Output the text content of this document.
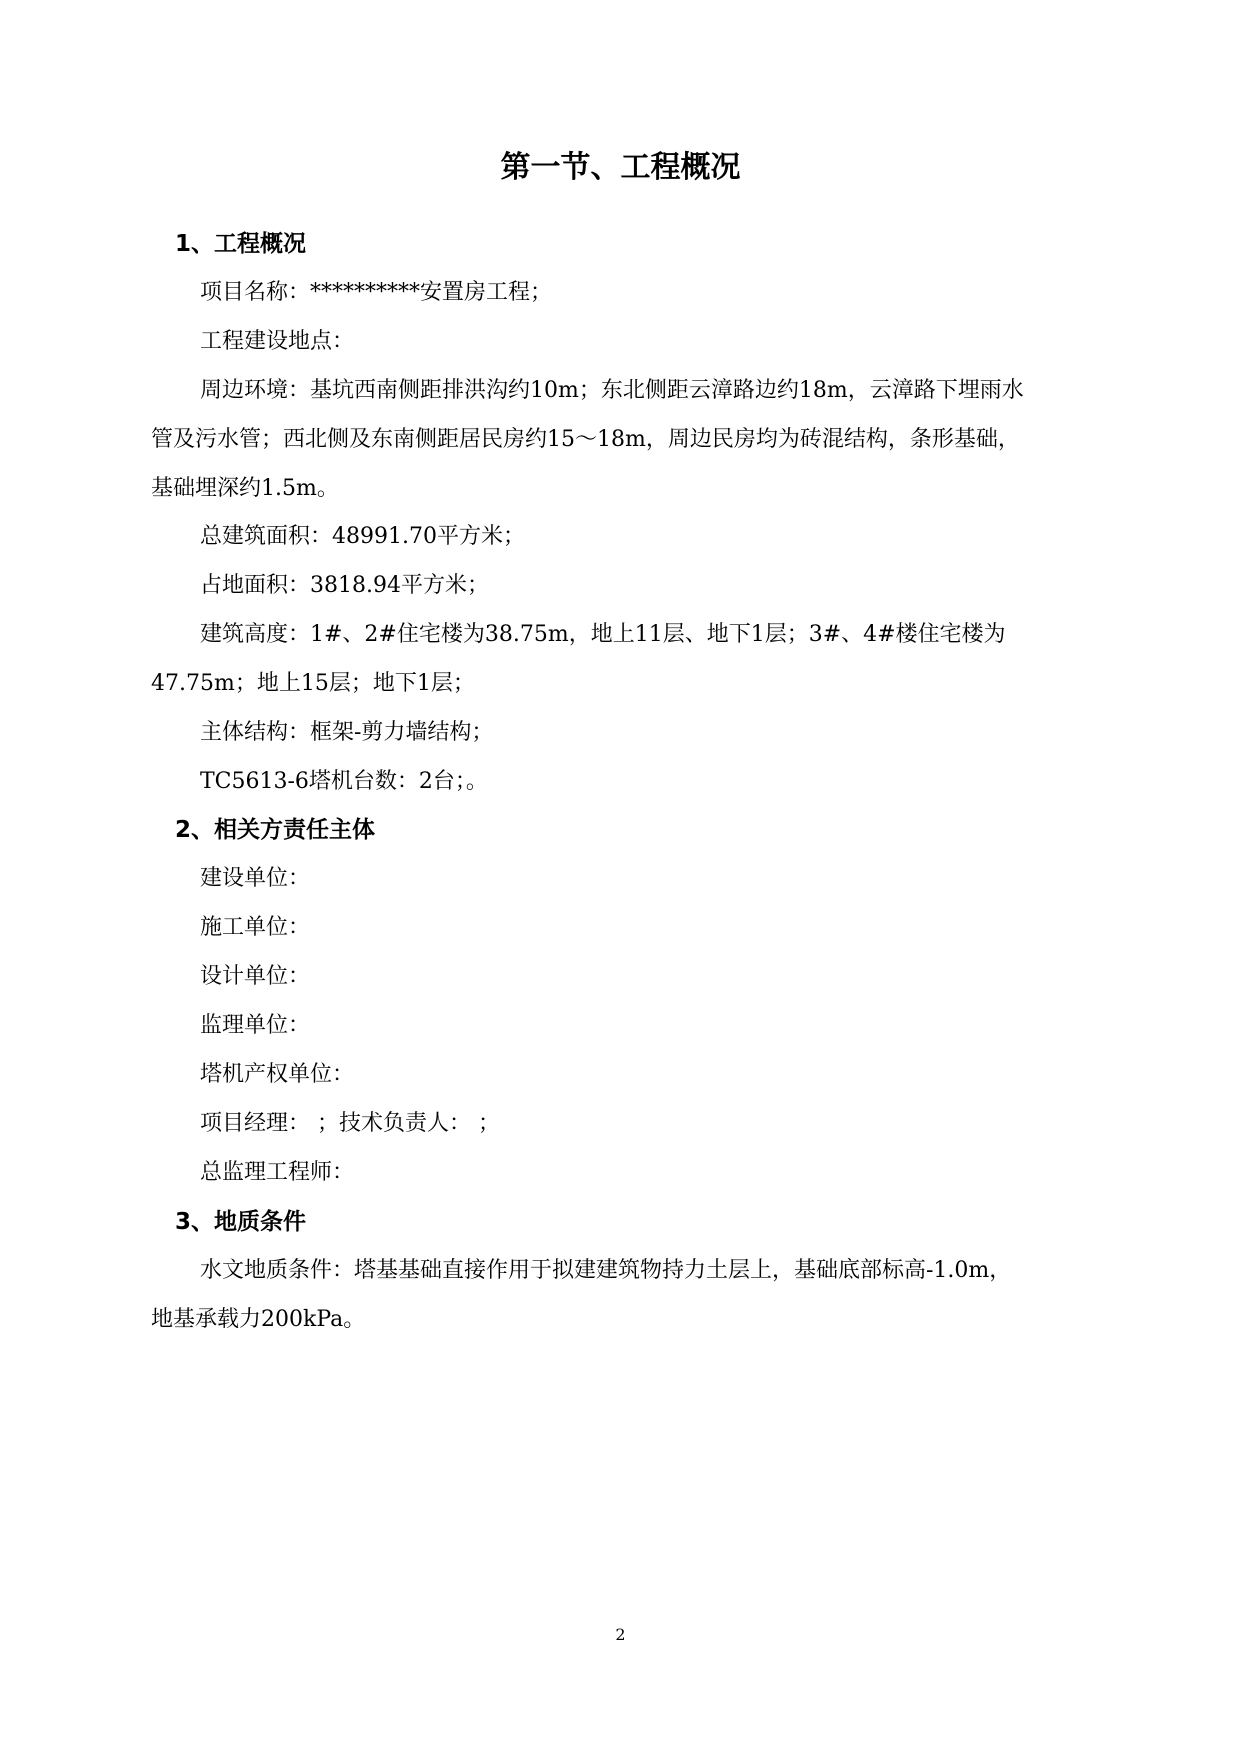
第一节、工程概况
1、工程概况
项目名称：**********安置房工程；
工程建设地点：
周边环境：基坑西南侧距排洪沟约10m；东北侧距云漳路边约18m，云漳路下埋雨水
管及污水管；西北侧及东南侧距居民房约15～18m，周边民房均为砖混结构，条形基础，
基础埋深约1.5m。
总建筑面积：48991.70平方米；
占地面积：3818.94平方米；
建筑高度：1#、2#住宅楼为38.75m，地上11层、地下1层；3#、4#楼住宅楼为
47.75m；地上15层；地下1层；
主体结构：框架-剪力墙结构；
TC5613-6塔机台数：2台；。
2、相关方责任主体
建设单位：
施工单位：
设计单位：
监理单位：
塔机产权单位：
项目经理： ；技术负责人： ；
总监理工程师：
3、地质条件
水文地质条件：塔基基础直接作用于拟建建筑物持力土层上，基础底部标高-1.0m，
地基承载力200kPa。
2
